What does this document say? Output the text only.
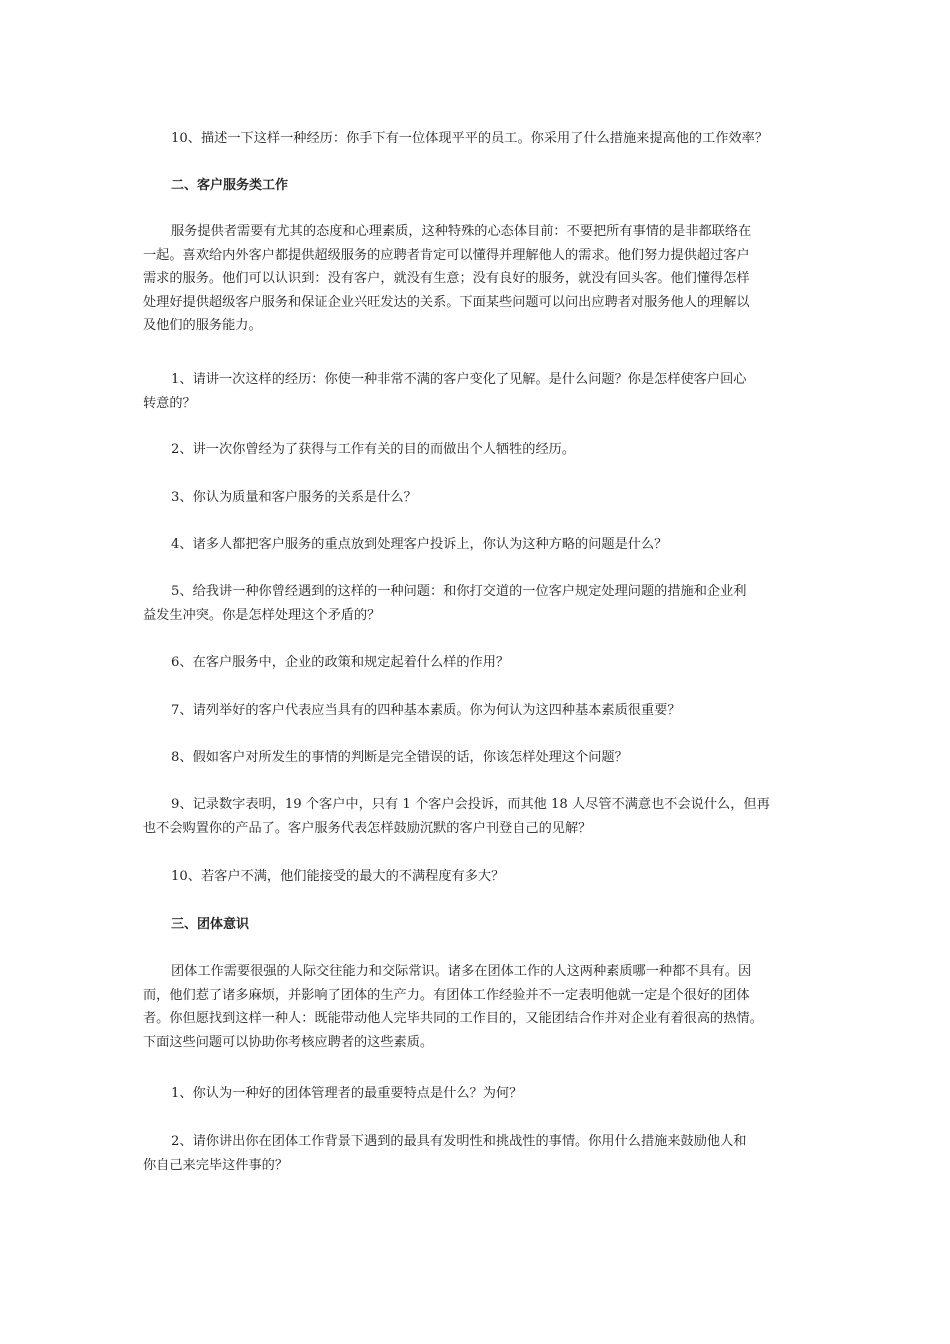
10、描述一下这样一种经历：你手下有一位体现平平的员工。你采用了什么措施来提高他的工作效率？
二、客户服务类工作
服务提供者需要有尤其的态度和心理素质，这种特殊的心态体目前：不要把所有事情的是非都联络在
一起。喜欢给内外客户都提供超级服务的应聘者肯定可以懂得并理解他人的需求。他们努力提供超过客户
需求的服务。他们可以认识到：没有客户，就没有生意；没有良好的服务，就没有回头客。他们懂得怎样
处理好提供超级客户服务和保证企业兴旺发达的关系。下面某些问题可以问出应聘者对服务他人的理解以
及他们的服务能力。
1、请讲一次这样的经历：你使一种非常不满的客户变化了见解。是什么问题？你是怎样使客户回心
转意的？
2、讲一次你曾经为了获得与工作有关的目的而做出个人牺牲的经历。
3、你认为质量和客户服务的关系是什么？
4、诸多人都把客户服务的重点放到处理客户投诉上，你认为这种方略的问题是什么？
5、给我讲一种你曾经遇到的这样的一种问题：和你打交道的一位客户规定处理问题的措施和企业利
益发生冲突。你是怎样处理这个矛盾的？
6、在客户服务中，企业的政策和规定起着什么样的作用？
7、请列举好的客户代表应当具有的四种基本素质。你为何认为这四种基本素质很重要？
8、假如客户对所发生的事情的判断是完全错误的话，你该怎样处理这个问题？
9、记录数字表明，19 个客户中，只有 1 个客户会投诉，而其他 18 人尽管不满意也不会说什么，但再
也不会购置你的产品了。客户服务代表怎样鼓励沉默的客户刊登自己的见解？
10、若客户不满，他们能接受的最大的不满程度有多大？
三、团体意识
团体工作需要很强的人际交往能力和交际常识。诸多在团体工作的人这两种素质哪一种都不具有。因
而，他们惹了诸多麻烦，并影响了团体的生产力。有团体工作经验并不一定表明他就一定是个很好的团体
者。你但愿找到这样一种人：既能带动他人完毕共同的工作目的，又能团结合作并对企业有着很高的热情。
下面这些问题可以协助你考核应聘者的这些素质。
1、你认为一种好的团体管理者的最重要特点是什么？为何？
2、请你讲出你在团体工作背景下遇到的最具有发明性和挑战性的事情。你用什么措施来鼓励他人和
你自己来完毕这件事的？
